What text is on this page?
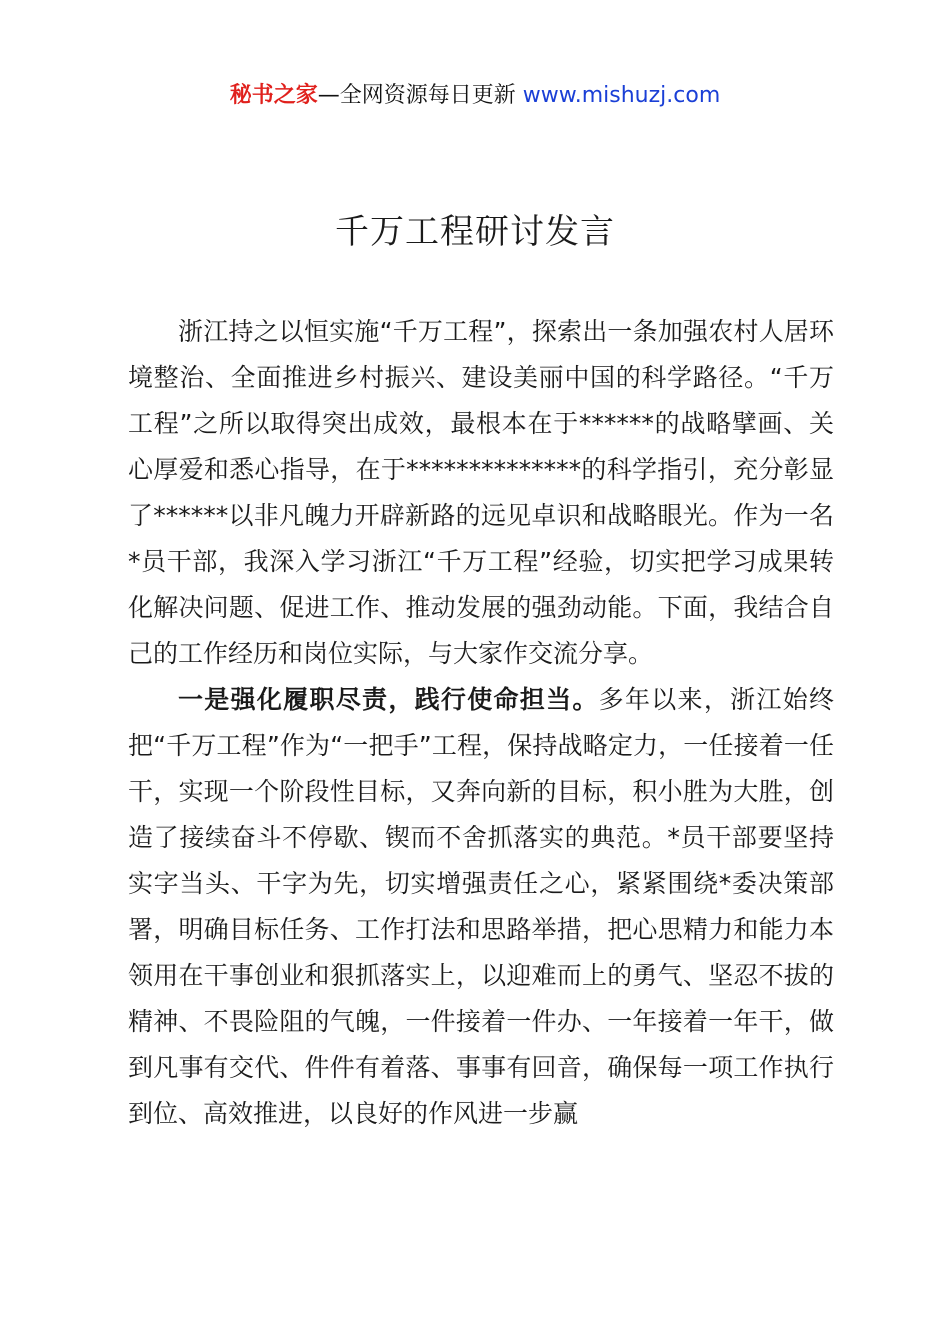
秘书之家—全网资源每日更新 www.mishuzj.com
千万工程研讨发言

浙江持之以恒实施“千万工程”，探索出一条加强农村人居环境整治、全面推进乡村振兴、建设美丽中国的科学路径。“千万工程”之所以取得突出成效，最根本在于******的战略擘画、关心厚爱和悉心指导，在于**************的科学指引，充分彰显了******以非凡魄力开辟新路的远见卓识和战略眼光。作为一名*员干部，我深入学习浙江“千万工程”经验，切实把学习成果转化解决问题、促进工作、推动发展的强劲动能。下面，我结合自己的工作经历和岗位实际，与大家作交流分享。

一是强化履职尽责，践行使命担当。多年以来，浙江始终把“千万工程”作为“一把手”工程，保持战略定力，一任接着一任干，实现一个阶段性目标，又奔向新的目标，积小胜为大胜，创造了接续奋斗不停歇、锲而不舍抓落实的典范。*员干部要坚持实字当头、干字为先，切实增强责任之心，紧紧围绕*委决策部署，明确目标任务、工作打法和思路举措，把心思精力和能力本领用在干事创业和狠抓落实上，以迎难而上的勇气、坚忍不拔的精神、不畏险阻的气魄，一件接着一件办、一年接着一年干，做到凡事有交代、件件有着落、事事有回音，确保每一项工作执行到位、高效推进，以良好的作风进一步赢
